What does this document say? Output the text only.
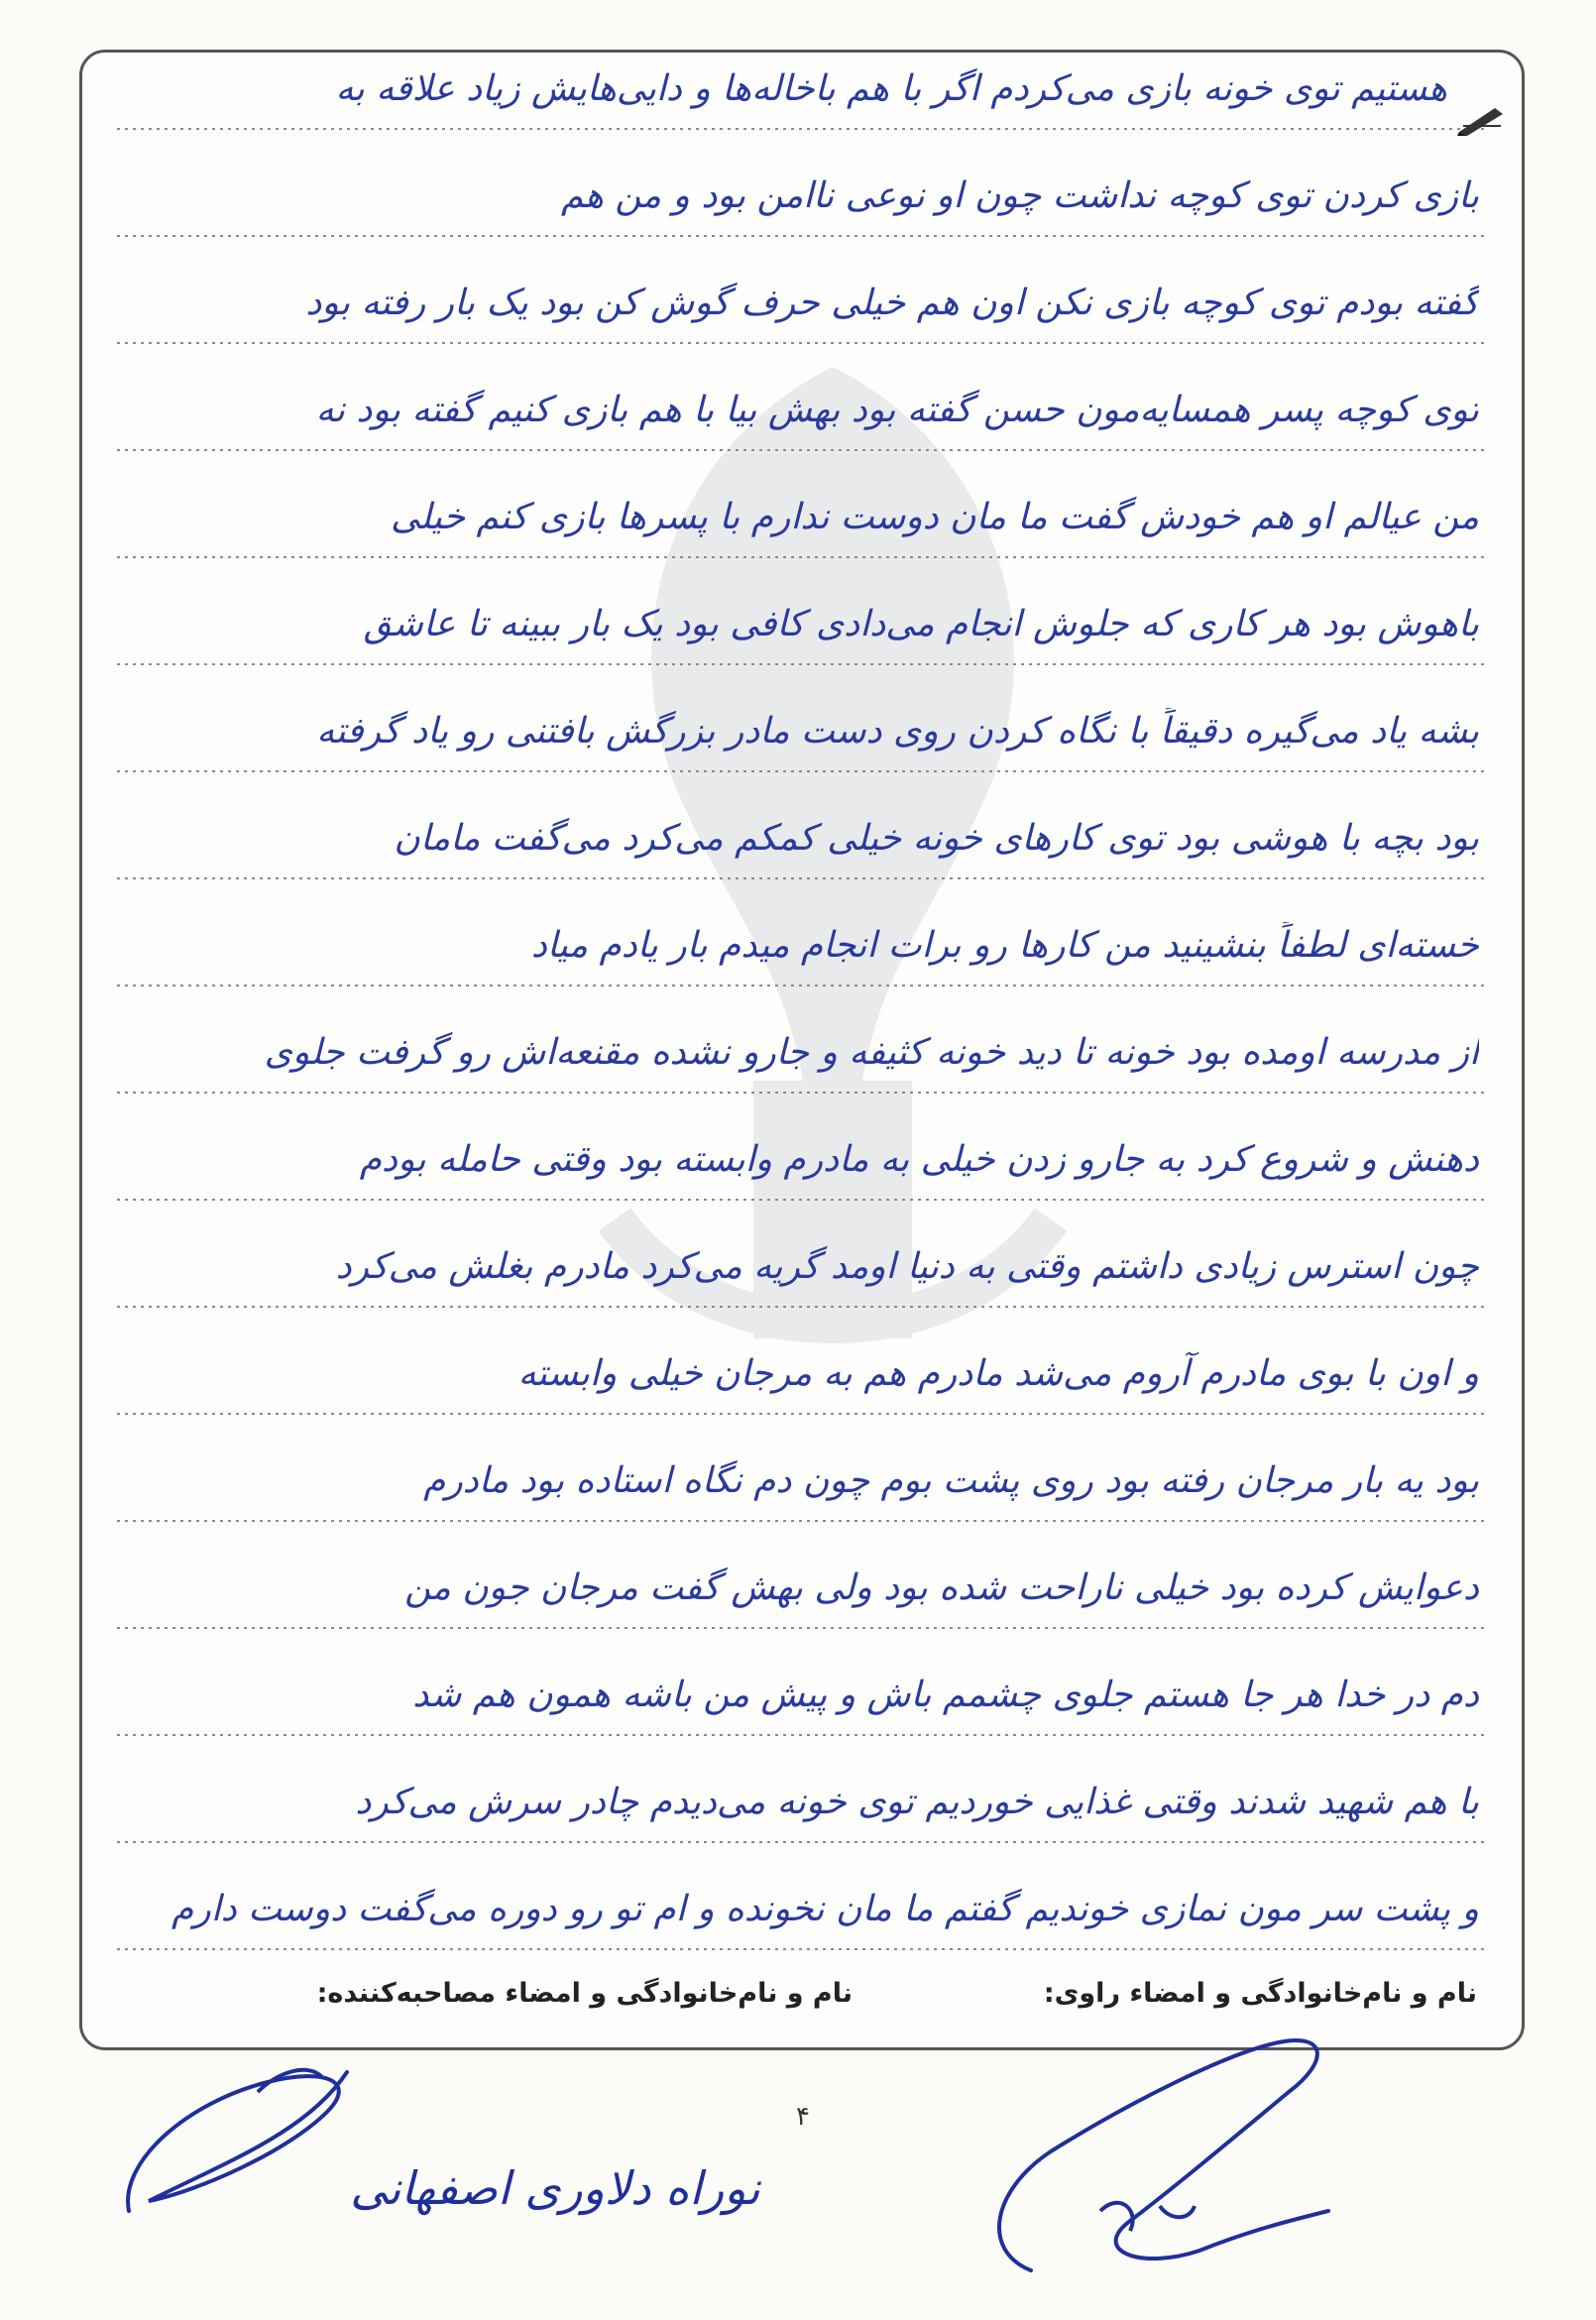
هستیم توی خونه بازی می‌کردم اگر با هم باخاله‌ها و دایی‌هایش زیاد علاقه به
بازی کردن توی کوچه نداشت چون او نوعی ناامن بود و من هم
گفته بودم توی کوچه بازی نکن اون هم خیلی حرف گوش کن بود یک بار رفته بود
توی کوچه پسر همسایه‌مون حسن گفته بود بهش بیا با هم بازی کنیم گفته بود نه
من عیالم او هم خودش گفت ما مان دوست ندارم با پسرها بازی کنم خیلی
باهوش بود هر کاری که جلوش انجام می‌دادی کافی بود یک بار ببینه تا عاشق
بشه یاد می‌گیره دقیقاً با نگاه کردن روی دست مادر بزرگش بافتنی رو یاد گرفته
بود بچه با هوشی بود توی کارهای خونه خیلی کمکم می‌کرد می‌گفت مامان
خسته‌ای لطفاً بنشینید من کارها رو برات انجام میدم بار یادم میاد
از مدرسه اومده بود خونه تا دید خونه کثیفه و جارو نشده مقنعه‌اش رو گرفت جلوی
دهنش و شروع کرد به جارو زدن خیلی به مادرم وابسته بود وقتی حامله بودم
چون استرس زیادی داشتم وقتی به دنیا اومد گریه می‌کرد مادرم بغلش می‌کرد
و اون با بوی مادرم آروم می‌شد مادرم هم به مرجان خیلی وابسته
بود یه بار مرجان رفته بود روی پشت بوم چون دم نگاه استاده بود مادرم
دعوایش کرده بود خیلی ناراحت شده بود ولی بهش گفت مرجان جون من
دم در خدا هر جا هستم جلوی چشمم باش و پیش من باشه همون هم شد
با هم شهید شدند وقتی غذایی خوردیم توی خونه می‌دیدم چادر سرش می‌کرد
و پشت سر مون نمازی خوندیم گفتم ما مان نخونده و ام تو رو دوره می‌گفت دوست دارم
نام و نام‌خانوادگی و امضاء راوی:
نام و نام‌خانوادگی و امضاء مصاحبه‌کننده:
۴
نوراه دلاوری اصفهانی
